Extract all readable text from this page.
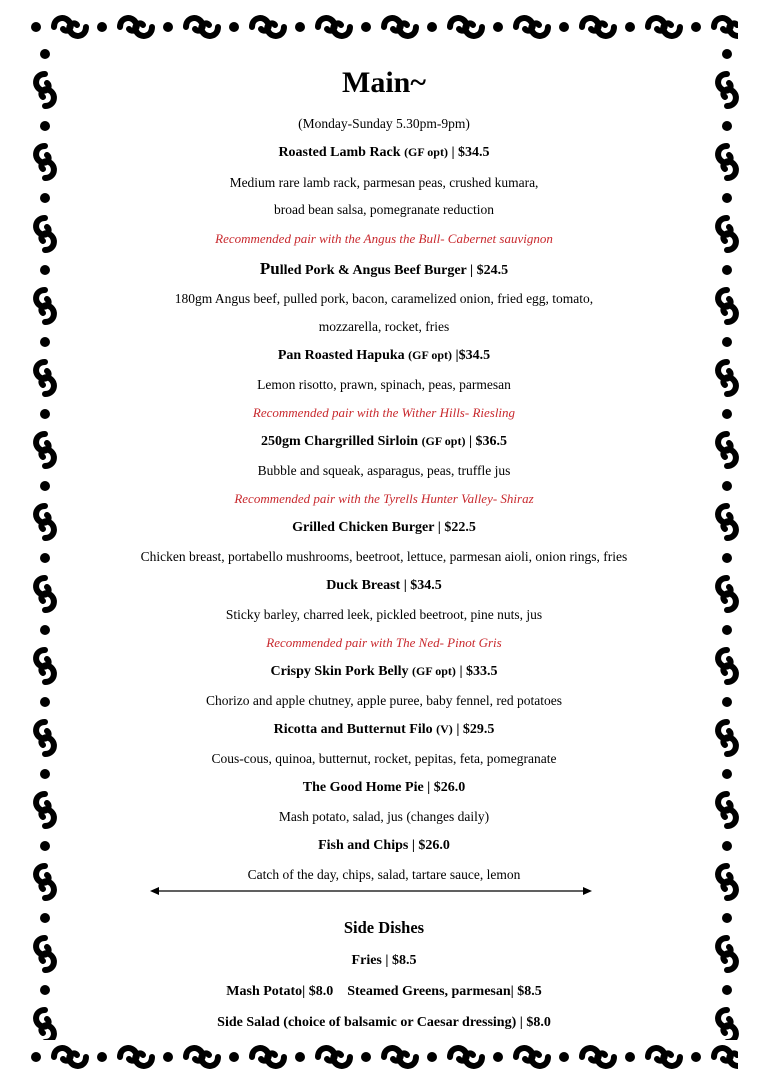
Main~
(Monday-Sunday 5.30pm-9pm)
Roasted Lamb Rack (GF opt) | $34.5
Medium rare lamb rack, parmesan peas, crushed kumara,
broad bean salsa, pomegranate reduction
Recommended pair with the Angus the Bull- Cabernet sauvignon
Pulled Pork & Angus Beef Burger | $24.5
180gm Angus beef, pulled pork, bacon, caramelized onion, fried egg, tomato,
mozzarella, rocket, fries
Pan Roasted Hapuka (GF opt) |$34.5
Lemon risotto, prawn, spinach, peas, parmesan
Recommended pair with the Wither Hills- Riesling
250gm Chargrilled Sirloin (GF opt) | $36.5
Bubble and squeak, asparagus, peas, truffle jus
Recommended pair with the Tyrells Hunter Valley- Shiraz
Grilled Chicken Burger | $22.5
Chicken breast, portabello mushrooms, beetroot, lettuce, parmesan aioli, onion rings, fries
Duck Breast | $34.5
Sticky barley, charred leek, pickled beetroot, pine nuts, jus
Recommended pair with The Ned- Pinot Gris
Crispy Skin Pork Belly (GF opt) | $33.5
Chorizo and apple chutney, apple puree, baby fennel, red potatoes
Ricotta and Butternut Filo (V) | $29.5
Cous-cous, quinoa, butternut, rocket, pepitas, feta, pomegranate
The Good Home Pie | $26.0
Mash potato, salad, jus (changes daily)
Fish and Chips | $26.0
Catch of the day, chips, salad, tartare sauce, lemon
Side Dishes
Fries | $8.5
Mash Potato| $8.0    Steamed Greens, parmesan| $8.5
Side Salad (choice of balsamic or Caesar dressing) | $8.0
